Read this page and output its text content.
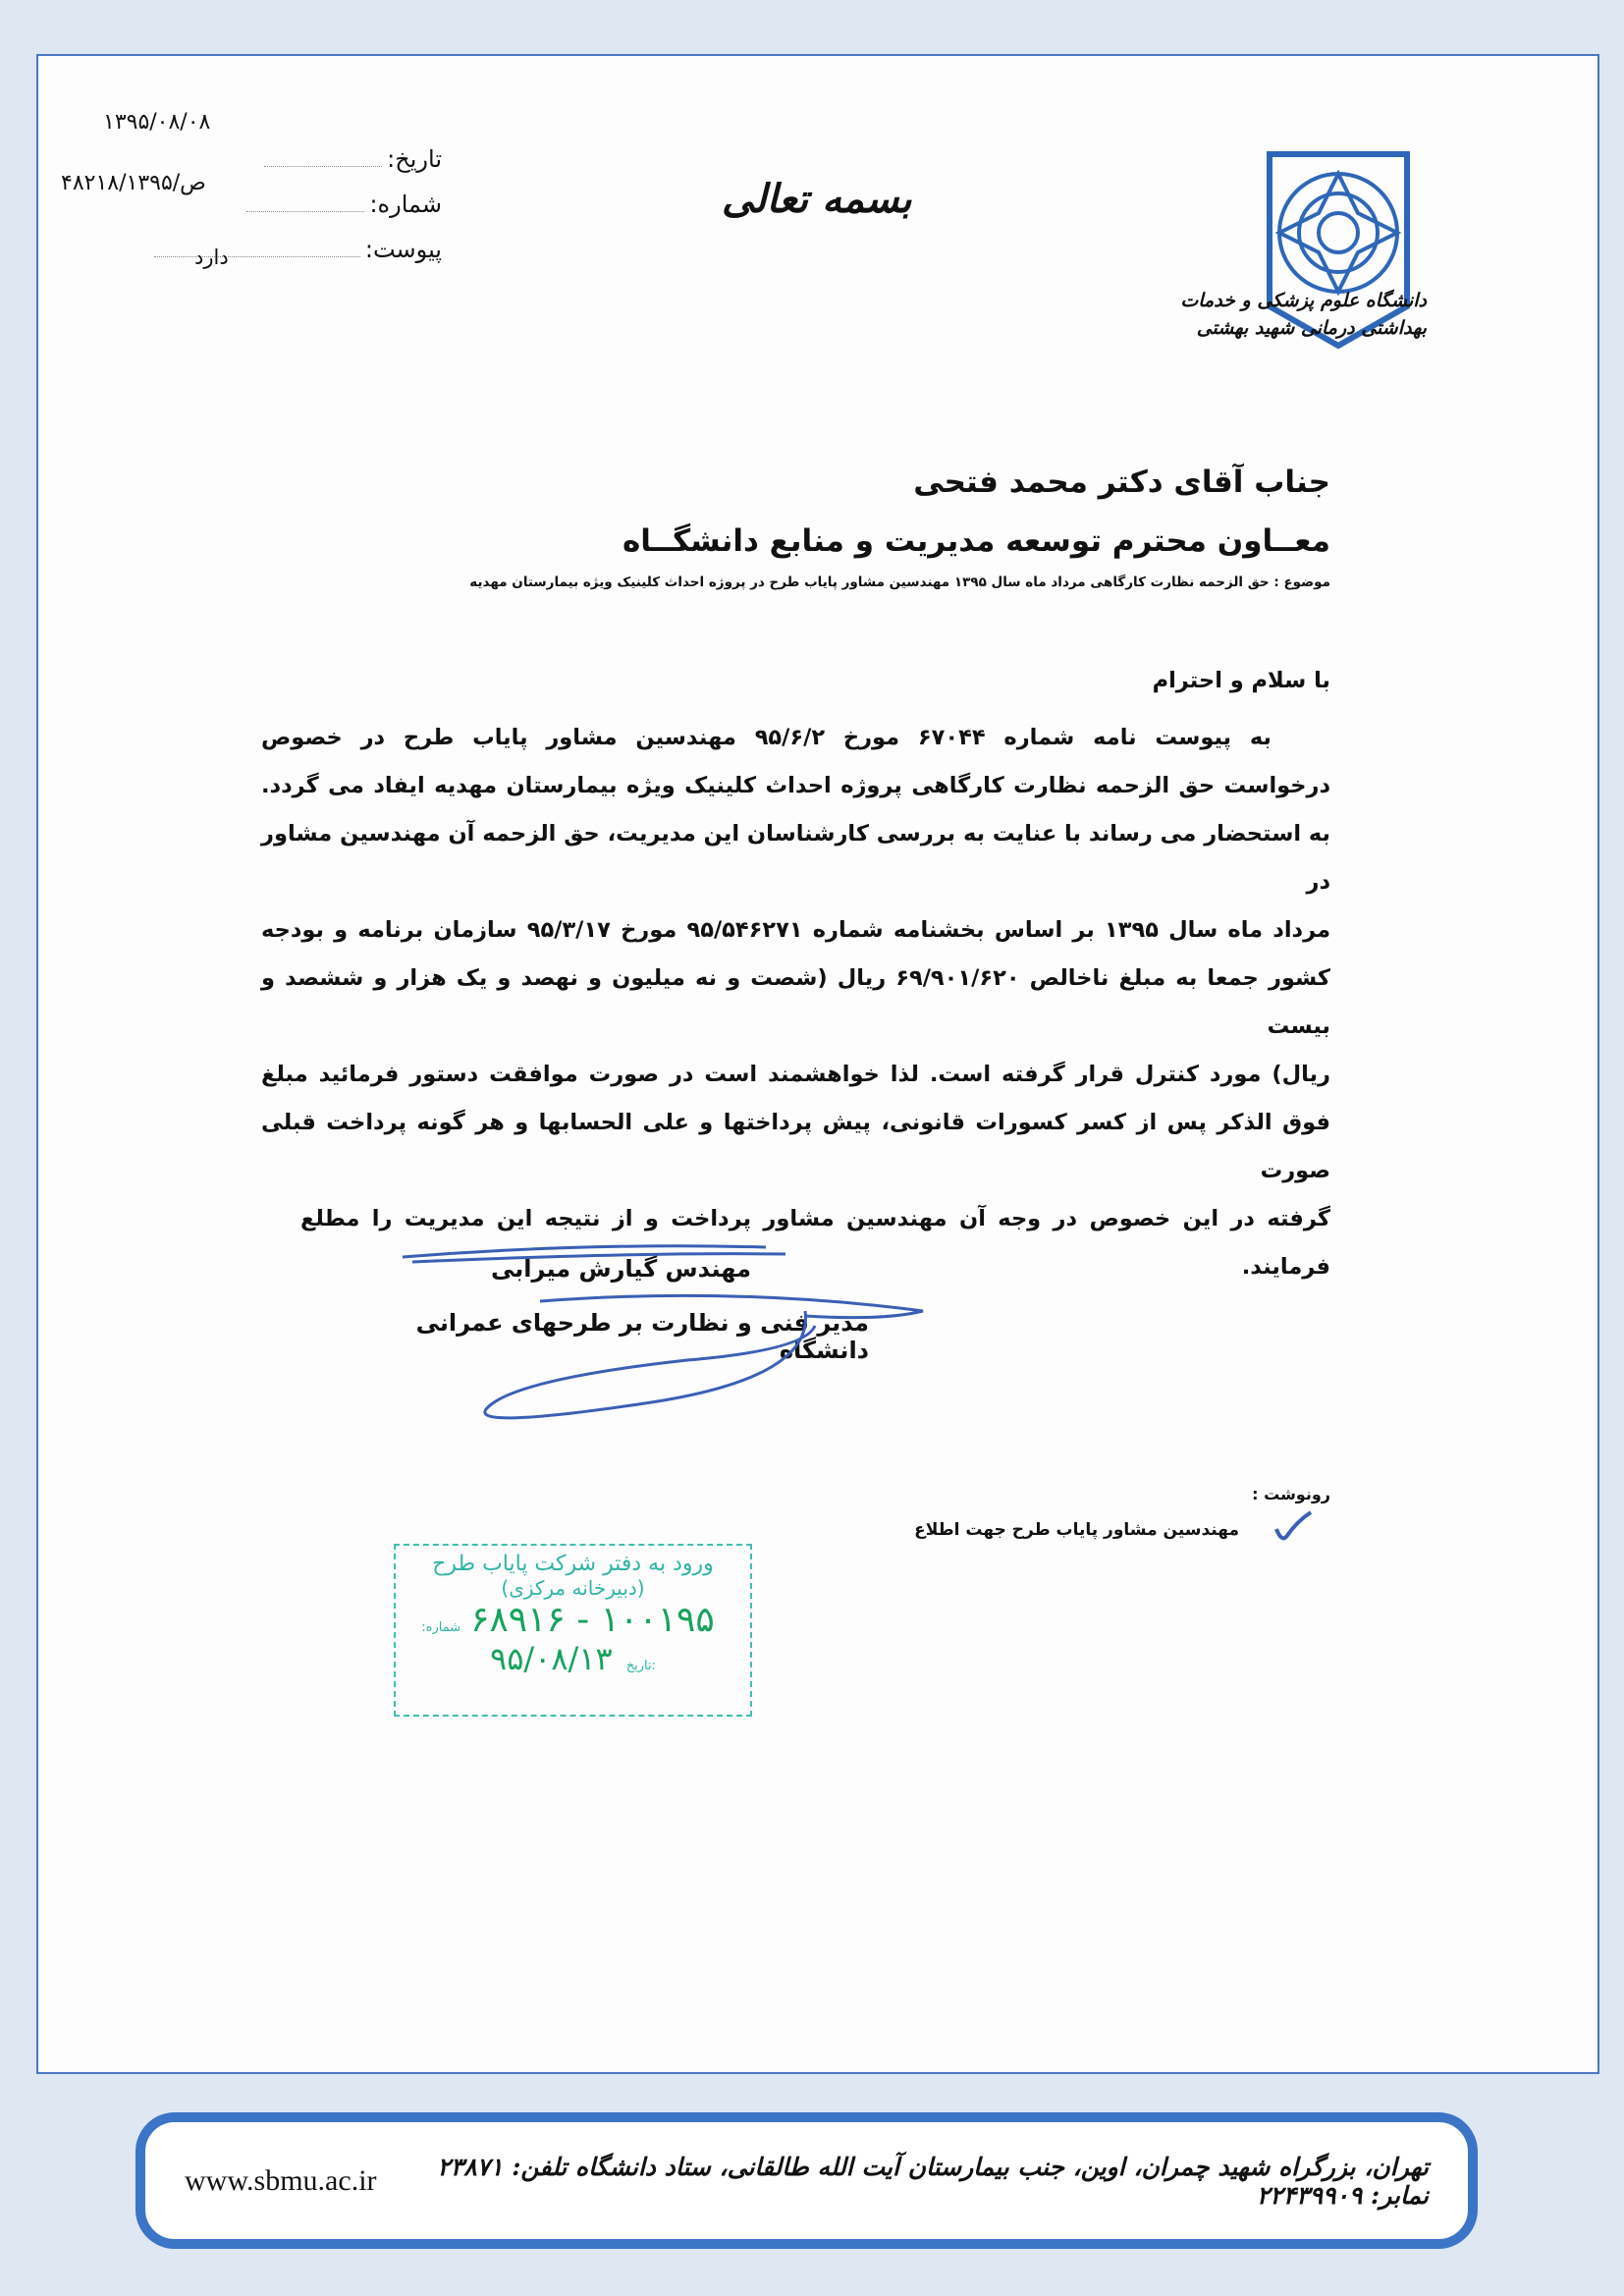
۱۳۹۵/۰۸/۰۸
تاریخ:
۴۸۲۱۸/ص/۱۳۹۵
شماره:
پیوست:
دارد
بسمه تعالی
دانشگاه علوم پزشکی و خدمات بهداشتی درمانی شهید بهشتی
جناب آقای دکتر محمد فتحی
معــاون محترم توسعه مدیریت و منابع دانشگــاه
موضوع : حق الزحمه نظارت کارگاهی مرداد ماه سال ۱۳۹۵ مهندسین مشاور پایاب طرح در پروژه احداث کلینیک ویژه بیمارستان مهدیه
با سلام و احترام

به پیوست نامه شماره ۶۷۰۴۴ مورخ ۹۵/۶/۲ مهندسین مشاور پایاب طرح در خصوص

درخواست حق الزحمه نظارت کارگاهی پروژه احداث کلینیک ویژه بیمارستان مهدیه ایفاد می گردد.

به استحضار می رساند با عنایت به بررسی کارشناسان این مدیریت، حق الزحمه آن مهندسین مشاور در

مرداد ماه سال ۱۳۹۵ بر اساس بخشنامه شماره ۹۵/۵۴۶۲۷۱ مورخ ۹۵/۳/۱۷ سازمان برنامه و بودجه

کشور جمعا به مبلغ ناخالص ۶۹/۹۰۱/۶۲۰ ریال (شصت و نه میلیون و نهصد و یک هزار و ششصد و بیست

ریال) مورد کنترل قرار گرفته است. لذا خواهشمند است در صورت موافقت دستور فرمائید مبلغ

فوق الذکر پس از کسر کسورات قانونی، پیش پرداختها و علی الحسابها و هر گونه پرداخت قبلی صورت

گرفته در این خصوص در وجه آن مهندسین مشاور پرداخت و از نتیجه این مدیریت را مطلع فرمایند.

مهندس گیارش میرابی
مدیر فنی و نظارت بر طرحهای عمرانی دانشگاه
رونوشت :
مهندسین مشاور پایاب طرح جهت اطلاع
ورود به دفتر شرکت پایاب طرح
(دبیرخانه مرکزی)
شماره: ۱۰۰۱۹۵ - ۶۸۹۱۶
تاریخ:
۹۵/۰۸/۱۳
www.sbmu.ac.ir	تهران، بزرگراه شهید چمران، اوین، جنب بیمارستان آیت الله طالقانی، ستاد دانشگاه تلفن: ۲۳۸۷۱ نمابر: ۲۲۴۳۹۹۰۹
